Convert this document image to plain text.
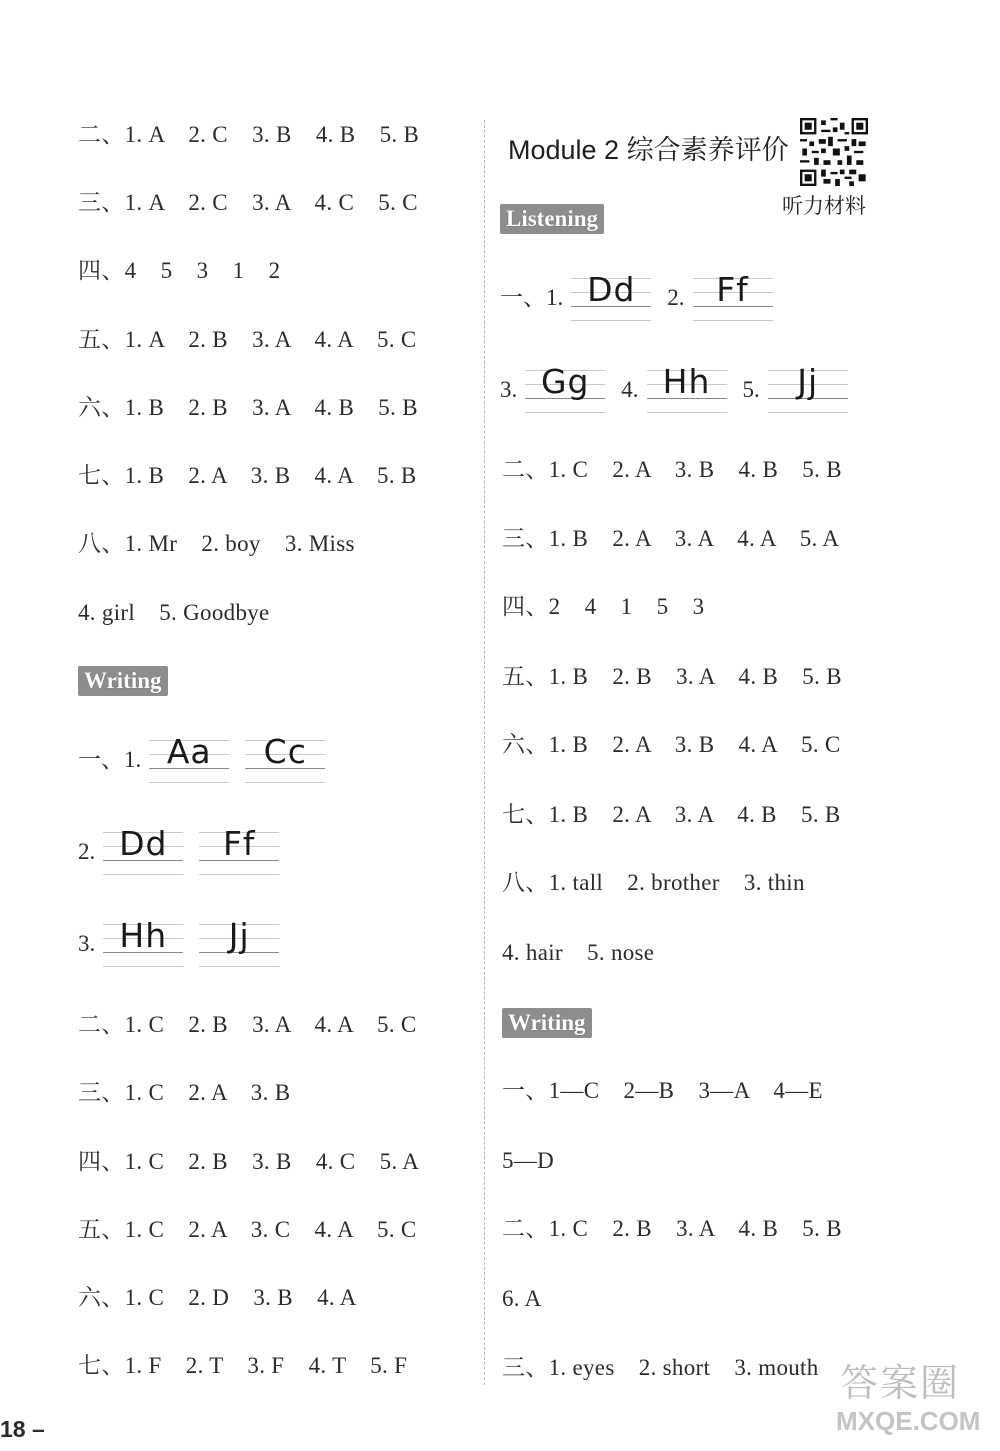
二、1. A    2. C    3. B    4. B    5. B
三、1. A    2. C    3. A    4. C    5. C
四、4    5    3    1    2
五、1. A    2. B    3. A    4. A    5. C
六、1. B    2. B    3. A    4. B    5. B
七、1. B    2. A    3. B    4. A    5. B
八、1. Mr    2. boy    3. Miss
4. girl    5. Goodbye
Writing
一、1. Aa	Cc
2. Dd	Ff
3. Hh	Jj
二、1. C    2. B    3. A    4. A    5. C
三、1. C    2. A    3. B
四、1. C    2. B    3. B    4. C    5. A
五、1. C    2. A    3. C    4. A    5. C
六、1. C    2. D    3. B    4. A
七、1. F    2. T    3. F    4. T    5. F
Module 2 综合素养评价
听力材料
Listening
一、1. Dd	2. Ff
3. Gg	4. Hh	5.	Jj
二、1. C    2. A    3. B    4. B    5. B
三、1. B    2. A    3. A    4. A    5. A
四、2    4    1    5    3
五、1. B    2. B    3. A    4. B    5. B
六、1. B    2. A    3. B    4. A    5. C
七、1. B    2. A    3. A    4. B    5. B
八、1. tall    2. brother    3. thin
4. hair    5. nose
Writing
一、1—C    2—B    3—A    4—E
5—D
二、1. C    2. B    3. A    4. B    5. B
6. A
三、1. eyes    2. short    3. mouth
18 –
答案圈
MXQE.COM
